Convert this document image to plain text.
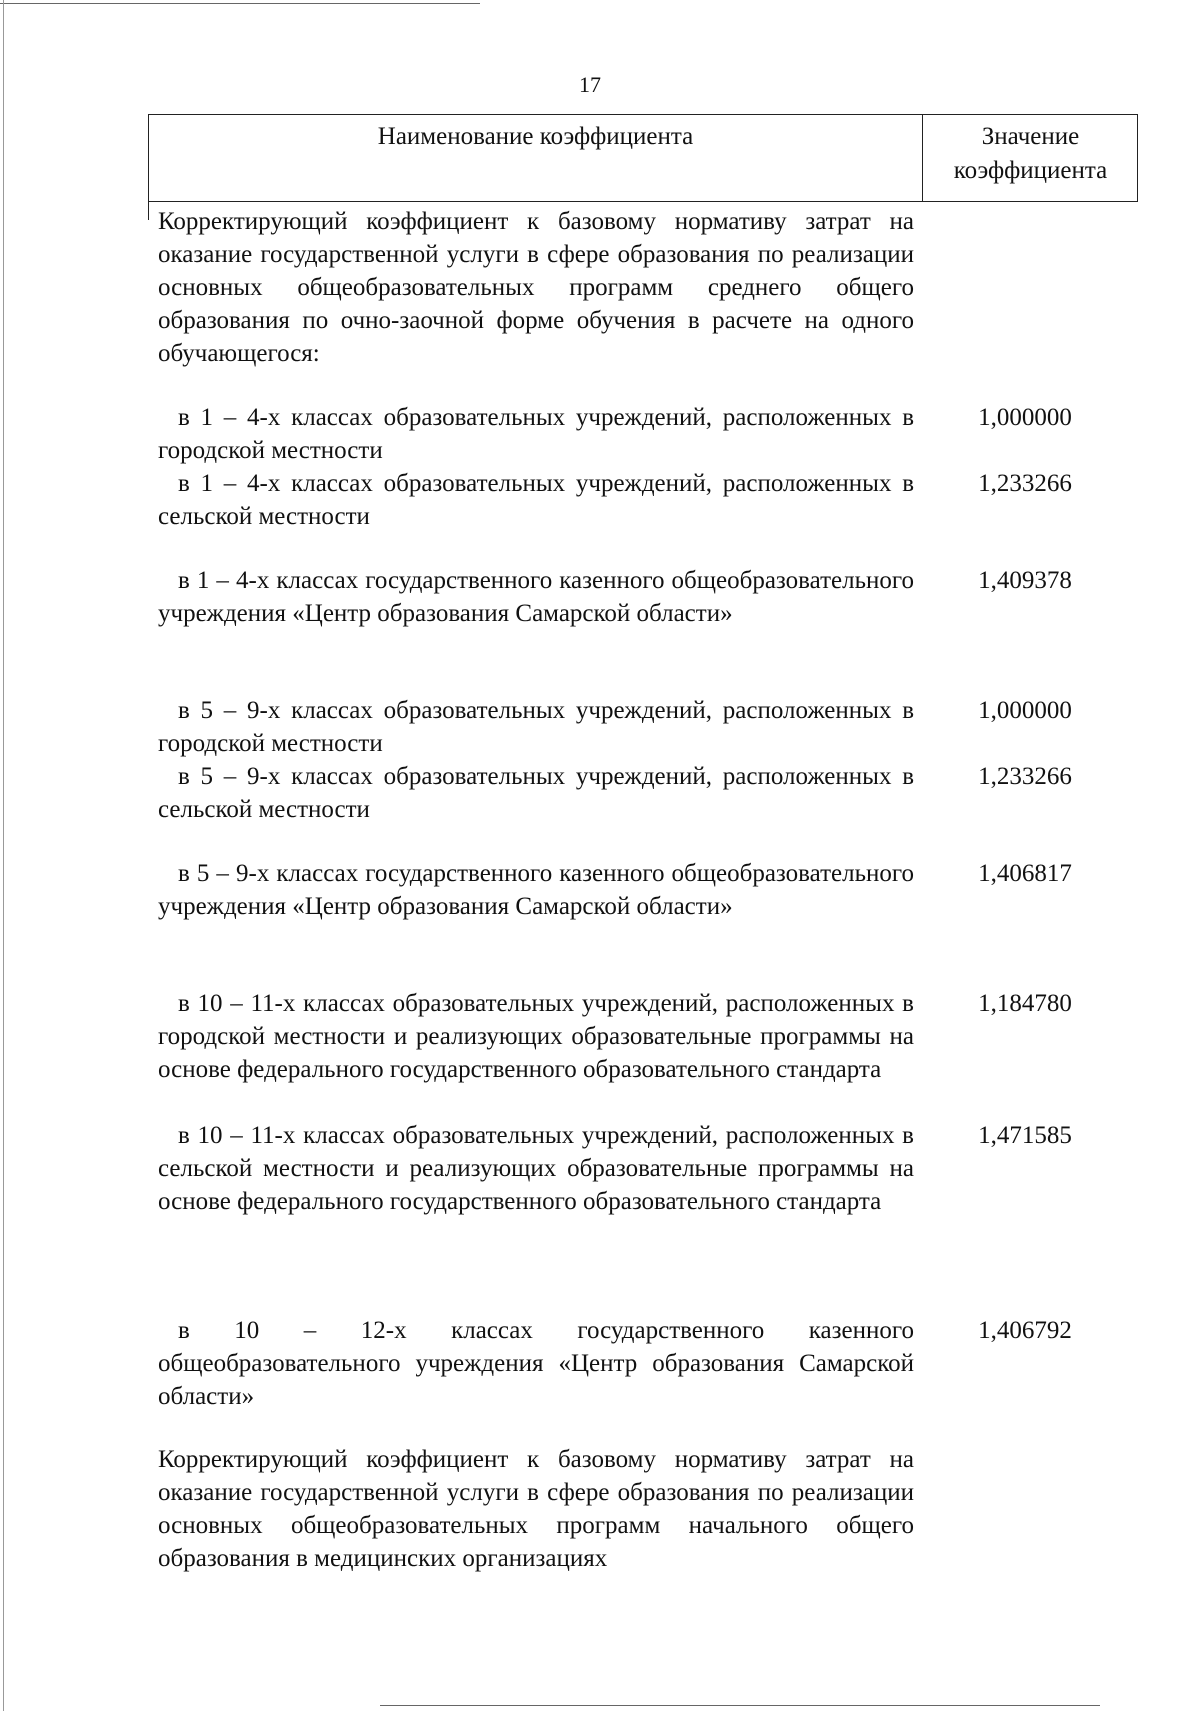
17
Наименование коэффициента	Значение
коэффициента
Корректирующий коэффициент к базовому нормативу затрат на оказание государственной услуги в сфере образования по реализации основных общеобразовательных программ среднего общего образования по очно-заочной форме обучения в расчете на одного обучающегося:
в 1 – 4-х классах образовательных учреждений, расположенных в городской местности
1,000000
в 1 – 4-х классах образовательных учреждений, расположенных в сельской местности
1,233266
в 1 – 4-х классах государственного казенного общеобразовательного учреждения «Центр образования Самарской области»
1,409378
в 5 – 9-х классах образовательных учреждений, расположенных в городской местности
1,000000
в 5 – 9-х классах образовательных учреждений, расположенных в сельской местности
1,233266
в 5 – 9-х классах государственного казенного общеобразовательного учреждения «Центр образования Самарской области»
1,406817
в 10 – 11-х классах образовательных учреждений, расположенных в городской местности и реализующих образовательные программы на основе федерального государственного образовательного стандарта
1,184780
в 10 – 11-х классах образовательных учреждений, расположенных в сельской местности и реализующих образовательные программы на основе федерального государственного образовательного стандарта
1,471585
в 10 – 12-х классах государственного казенного общеобразовательного учреждения «Центр образования Самарской области»
1,406792
Корректирующий коэффициент к базовому нормативу затрат на оказание государственной услуги в сфере образования по реализации основных общеобразовательных программ начального общего образования в медицинских организациях
